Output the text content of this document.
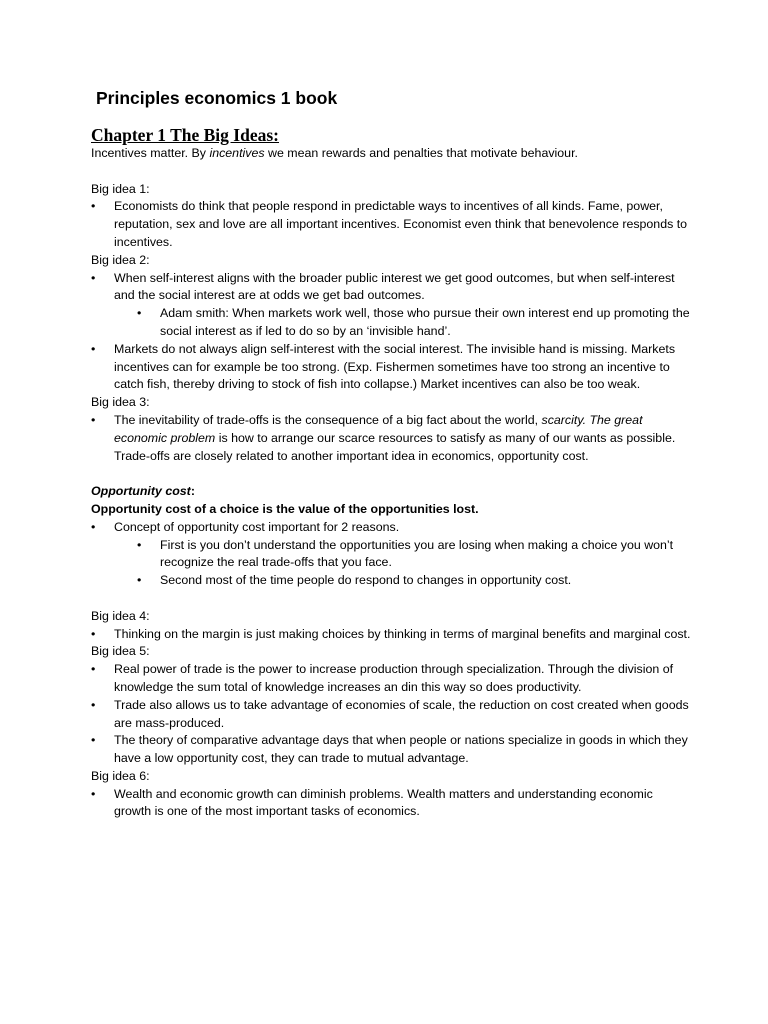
Principles economics 1 book
Chapter 1 The Big Ideas:

Incentives matter. By incentives we mean rewards and penalties that motivate behaviour.

Big idea 1:

• Economists do think that people respond in predictable ways to incentives of all kinds. Fame, power, reputation, sex and love are all important incentives. Economist even think that benevolence responds to incentives.

Big idea 2:

• When self-interest aligns with the broader public interest we get good outcomes, but when self-interest and the social interest are at odds we get bad outcomes.
• Adam smith: When markets work well, those who pursue their own interest end up promoting the social interest as if led to do so by an ‘invisible hand’.
• Markets do not always align self-interest with the social interest. The invisible hand is missing. Markets incentives can for example be too strong. (Exp. Fishermen sometimes have too strong an incentive to catch fish, thereby driving to stock of fish into collapse.) Market incentives can also be too weak.

Big idea 3:

• The inevitability of trade-offs is the consequence of a big fact about the world, scarcity. The great economic problem is how to arrange our scarce resources to satisfy as many of our wants as possible. Trade-offs are closely related to another important idea in economics, opportunity cost.

Opportunity cost:

Opportunity cost of a choice is the value of the opportunities lost.

• Concept of opportunity cost important for 2 reasons.
• First is you don’t understand the opportunities you are losing when making a choice you won’t recognize the real trade-offs that you face.
• Second most of the time people do respond to changes in opportunity cost.

Big idea 4:

• Thinking on the margin is just making choices by thinking in terms of marginal benefits and marginal cost.

Big idea 5:

• Real power of trade is the power to increase production through specialization. Through the division of knowledge the sum total of knowledge increases an din this way so does productivity.
• Trade also allows us to take advantage of economies of scale, the reduction on cost created when goods are mass-produced.
• The theory of comparative advantage days that when people or nations specialize in goods in which they have a low opportunity cost, they can trade to mutual advantage.

Big idea 6:

• Wealth and economic growth can diminish problems. Wealth matters and understanding economic growth is one of the most important tasks of economics.
